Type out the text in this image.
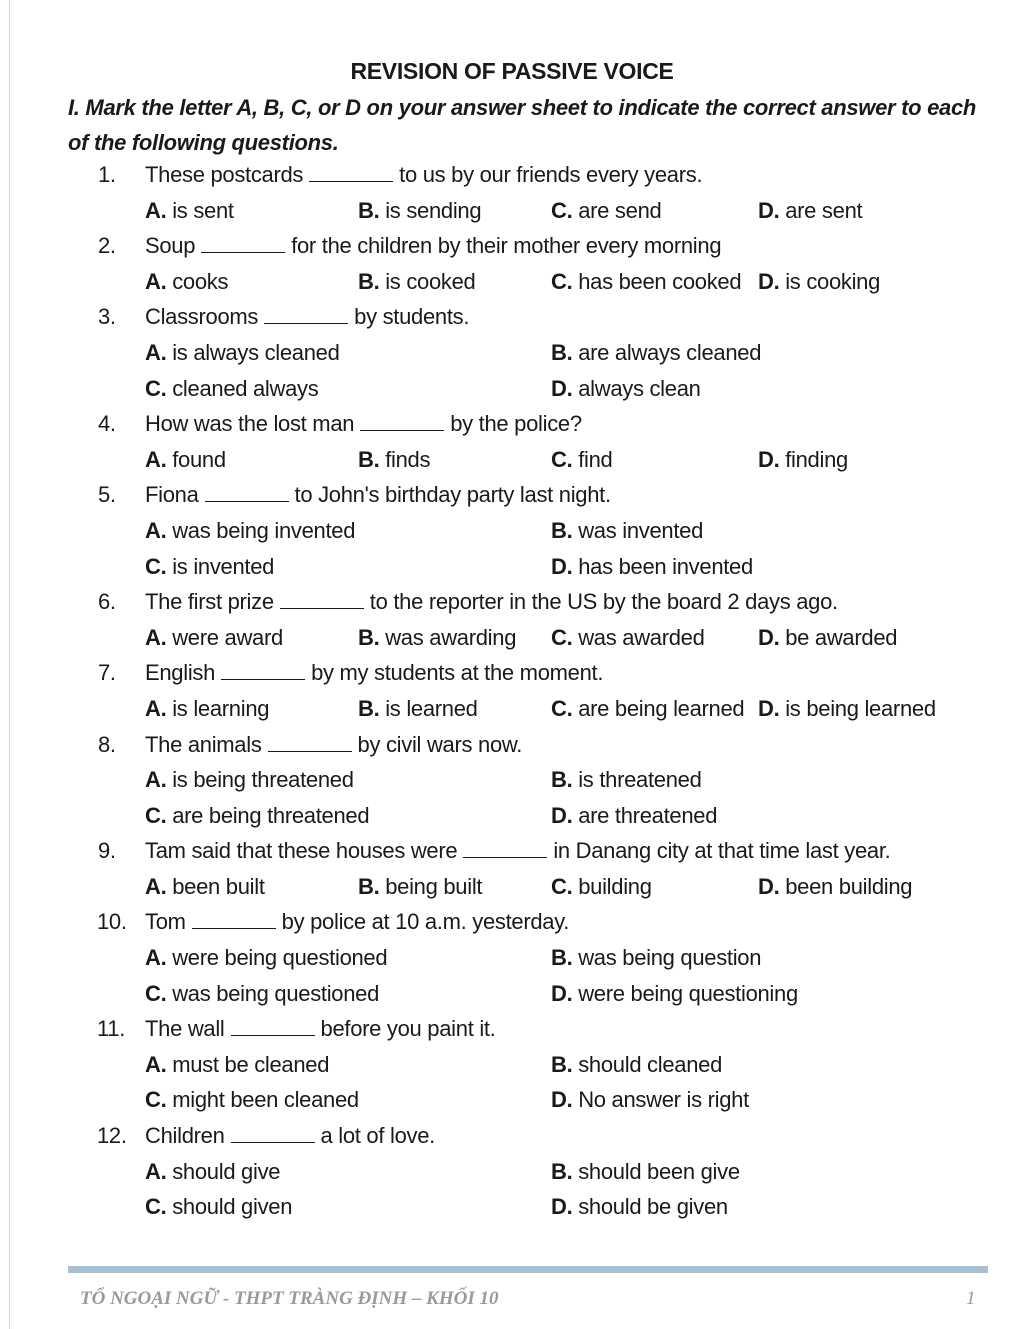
REVISION OF PASSIVE VOICE
I. Mark the letter A, B, C, or D on your answer sheet to indicate the correct answer to each of the following questions.
1. These postcards	to us by our friends every years.
A. is sent	B. is sending	C. are send	D. are sent
2. Soup	for the children by their mother every morning
A. cooks	B. is cooked	C. has been cooked D. is cooking
3. Classrooms	by students.
A. is always cleaned	B. are always cleaned
C. cleaned always	D. always clean
4. How was the lost man	by the police?
A. found	B. finds	C. find	D. finding
5. Fiona	to John's birthday party last night.
A. was being invented	B. was invented
C. is invented	D. has been invented
6. The first prize	to the reporter in the US by the board 2 days ago.
A. were award	B. was awarding C. was awarded D. be awarded
7. English	by my students at the moment.
A. is learning	B. is learned	C. are being learned D. is being learned
8. The animals	by civil wars now.
A. is being threatened	B. is threatened
C. are being threatened	D. are threatened
9. Tam said that these houses were	in Danang city at that time last year.
A. been built	B. being built	C. building	D. been building
10. Tom	by police at 10 a.m. yesterday.
A. were being questioned	B. was being question
C. was being questioned	D. were being questioning
11. The wall	before you paint it.
A. must be cleaned	B. should cleaned
C. might been cleaned	D. No answer is right
12. Children	a lot of love.
A. should give	B. should been give
C. should given	D. should be given
TỔ NGOẠI NGỮ - THPT TRÀNG ĐỊNH – KHỐI 10	1
